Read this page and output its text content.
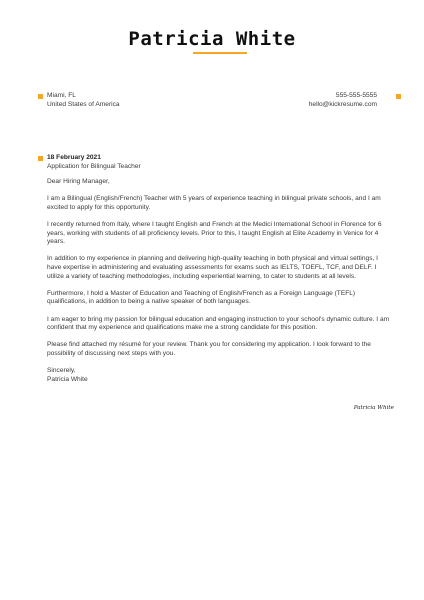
Patricia White
Miami, FL
United States of America
555-555-5555
hello@kickresume.com
18 February 2021
Application for Bilingual Teacher

Dear Hiring Manager,

I am a Bilingual (English/French) Teacher with 5 years of experience teaching in bilingual private schools, and I am excited to apply for this opportunity.

I recently returned from Italy, where I taught English and French at the Medici International School in Florence for 6 years, working with students of all proficiency levels. Prior to this, I taught English at Elite Academy in Venice for 4 years.

In addition to my experience in planning and delivering high-quality teaching in both physical and virtual settings, I have expertise in administering and evaluating assessments for exams such as IELTS, TOEFL, TCF, and DELF. I utilize a variety of teaching methodologies, including experiential learning, to cater to students at all levels.

Furthermore, I hold a Master of Education and Teaching of English/French as a Foreign Language (TEFL) qualifications, in addition to being a native speaker of both languages.

I am eager to bring my passion for bilingual education and engaging instruction to your school's dynamic culture. I am confident that my experience and qualifications make me a strong candidate for this position.

Please find attached my résumé for your review. Thank you for considering my application. I look forward to the possibility of discussing next steps with you.

Sincerely,
Patricia White
Patricia White
